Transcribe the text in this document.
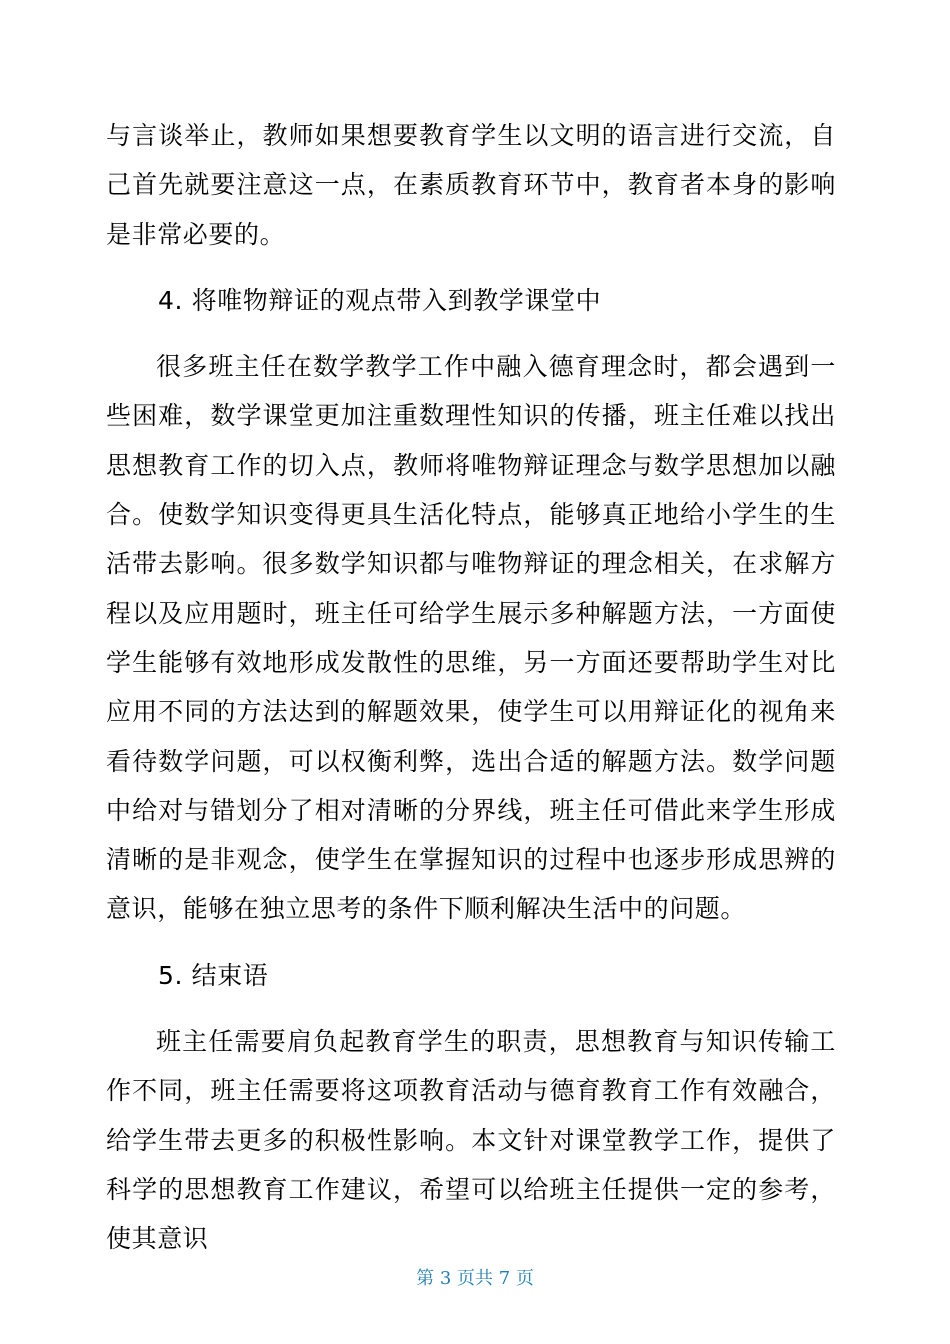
与言谈举止，教师如果想要教育学生以文明的语言进行交流，自己首先就要注意这一点，在素质教育环节中，教育者本身的影响是非常必要的。

4. 将唯物辩证的观点带入到教学课堂中

很多班主任在数学教学工作中融入德育理念时，都会遇到一些困难，数学课堂更加注重数理性知识的传播，班主任难以找出思想教育工作的切入点，教师将唯物辩证理念与数学思想加以融合。使数学知识变得更具生活化特点，能够真正地给小学生的生活带去影响。很多数学知识都与唯物辩证的理念相关，在求解方程以及应用题时，班主任可给学生展示多种解题方法，一方面使学生能够有效地形成发散性的思维，另一方面还要帮助学生对比应用不同的方法达到的解题效果，使学生可以用辩证化的视角来看待数学问题，可以权衡利弊，选出合适的解题方法。数学问题中给对与错划分了相对清晰的分界线，班主任可借此来学生形成清晰的是非观念，使学生在掌握知识的过程中也逐步形成思辨的意识，能够在独立思考的条件下顺利解决生活中的问题。

5. 结束语

班主任需要肩负起教育学生的职责，思想教育与知识传输工作不同，班主任需要将这项教育活动与德育教育工作有效融合，给学生带去更多的积极性影响。本文针对课堂教学工作，提供了科学的思想教育工作建议，希望可以给班主任提供一定的参考，使其意识

第 3 页共 7 页
